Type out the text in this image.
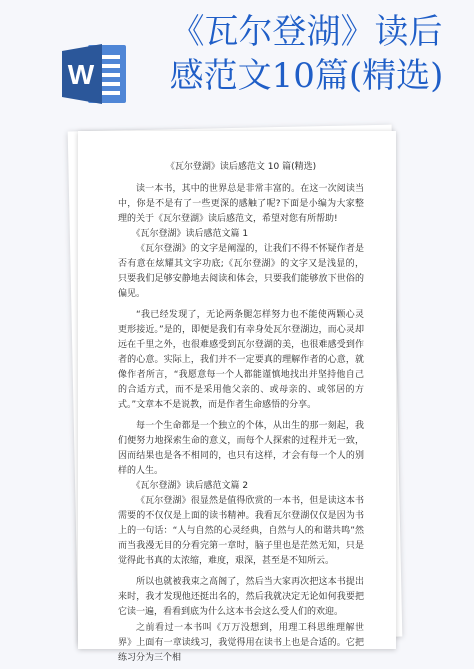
W
《瓦尔登湖》读后
感范文10篇(精选)
《瓦尔登湖》读后感范文 10 篇(精选)

读一本书，其中的世界总是非常丰富的。在这一次阅读当中，你是不是有了一些更深的感触了呢?下面是小编为大家整理的关于《瓦尔登湖》读后感范文，希望对您有所帮助!

《瓦尔登湖》读后感范文篇 1

《瓦尔登湖》的文字是阐湿的，让我们不得不怀疑作者是否有意在炫耀其文字功底;《瓦尔登湖》的文字又是浅显的，只要我们足够安静地去阅读和体会，只要我们能够放下世俗的偏见。

“我已经发现了，无论两条腿怎样努力也不能使两颗心灵更形接近。”是的，即便是我们有幸身处瓦尔登湖边，而心灵却远在千里之外，也很难感受到瓦尔登湖的美，也很难感受到作者的心意。实际上，我们并不一定要真的理解作者的心意，就像作者所言，“我愿意每一个人都能谨慎地找出并坚持他自己的合适方式，而不是采用他父亲的、或母亲的、或邻居的方式。”文章本不是说教，而是作者生命感悟的分享。

每一个生命都是一个独立的个体，从出生的那一刻起，我们便努力地探索生命的意义，而每个人探索的过程并无一致，因而结果也是各不相同的，也只有这样，才会有每一个人的别样的人生。

《瓦尔登湖》读后感范文篇 2

《瓦尔登湖》很显然是值得欣赏的一本书，但是读这本书需要的不仅仅是上面的读书精神。我看瓦尔登湖仅仅是因为书上的一句话：“人与自然的心灵经典，自然与人的和谐共鸣”然而当我漫无目的分看完第一章时，脑子里也是茫然无知，只是觉得此书真的太浓缩，难度，艰深，甚至是不知所云。

所以也就被我束之高阁了，然后当大家再次把这本书提出来时，我才发现他还挺出名的，然后我就决定无论如何我要把它读一遍，看看到底为什么这本书会这么受人们的欢迎。

之前看过一本书叫《万万没想到，用理工科思维理解世界》上面有一章读线习，我觉得用在读书上也是合适的。它把练习分为三个相
